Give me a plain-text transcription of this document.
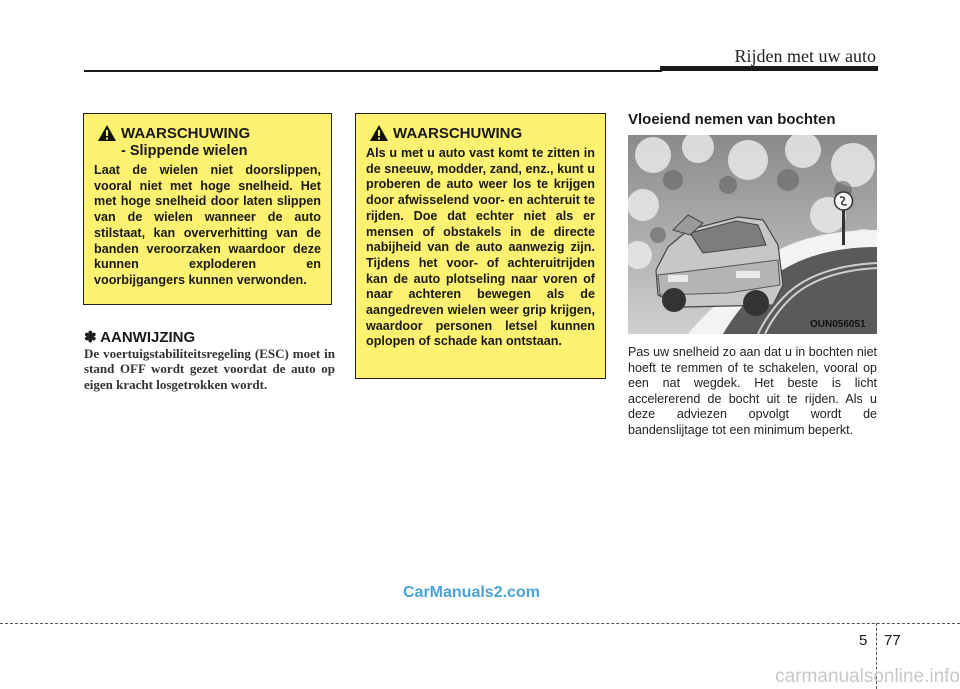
Rijden met uw auto
WAARSCHUWING
- Slippende wielen
Laat de wielen niet doorslippen, vooral niet met hoge snelheid. Het met hoge snelheid door laten slippen van de wielen wanneer de auto stilstaat, kan oververhitting van de banden veroorzaken waardoor deze kunnen exploderen en voorbijgangers kunnen verwonden.
✽ AANWIJZING
De voertuigstabiliteitsregeling (ESC) moet in stand OFF wordt gezet voordat de auto op eigen kracht losgetrokken wordt.
WAARSCHUWING
Als u met u auto vast komt te zitten in de sneeuw, modder, zand, enz., kunt u proberen de auto weer los te krijgen door afwisselend voor- en achteruit te rijden. Doe dat echter niet als er mensen of obstakels in de directe nabijheid van de auto aanwezig zijn. Tijdens het voor- of achteruitrijden kan de auto plotseling naar voren of naar achteren bewegen als de aangedreven wielen weer grip krijgen, waardoor personen letsel kunnen oplopen of schade kan ontstaan.
Vloeiend nemen van bochten
OUN056051
Pas uw snelheid zo aan dat u in bochten niet hoeft te remmen of te schakelen, vooral op een nat wegdek. Het beste is licht accelererend de bocht uit te rijden. Als u deze adviezen opvolgt wordt de bandenslijtage tot een minimum beperkt.
CarManuals2.com
5 77
carmanualsonline.info
